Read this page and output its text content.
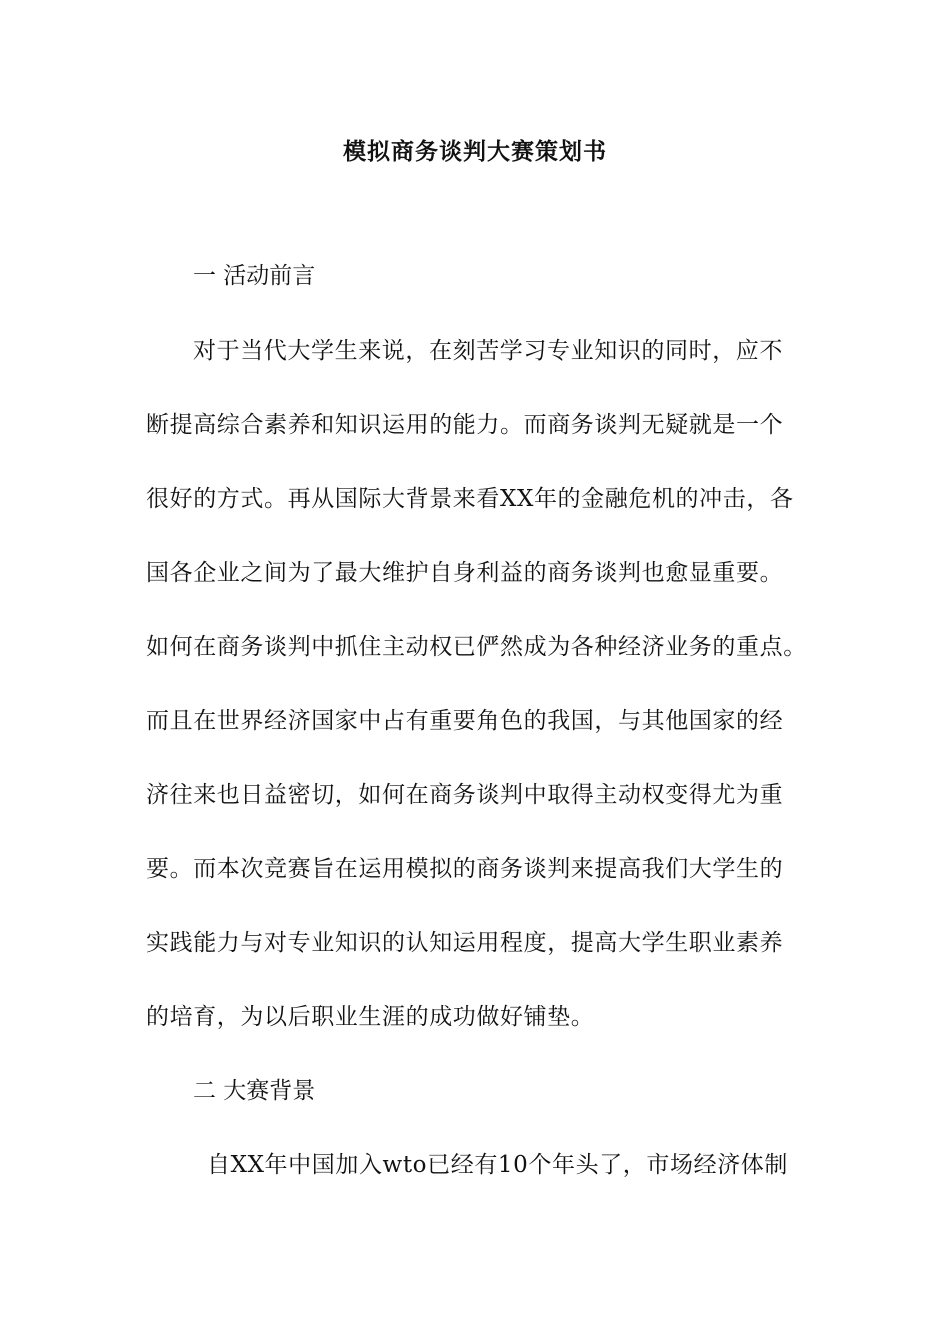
模拟商务谈判大赛策划书

一 活动前言

对于当代大学生来说，在刻苦学习专业知识的同时，应不

断提高综合素养和知识运用的能力。而商务谈判无疑就是一个

很好的方式。再从国际大背景来看XX年的金融危机的冲击，各

国各企业之间为了最大维护自身利益的商务谈判也愈显重要。

如何在商务谈判中抓住主动权已俨然成为各种经济业务的重点。

而且在世界经济国家中占有重要角色的我国，与其他国家的经

济往来也日益密切，如何在商务谈判中取得主动权变得尤为重

要。而本次竞赛旨在运用模拟的商务谈判来提高我们大学生的

实践能力与对专业知识的认知运用程度，提高大学生职业素养

的培育，为以后职业生涯的成功做好铺垫。

二 大赛背景

自XX年中国加入wto已经有10个年头了，市场经济体制
